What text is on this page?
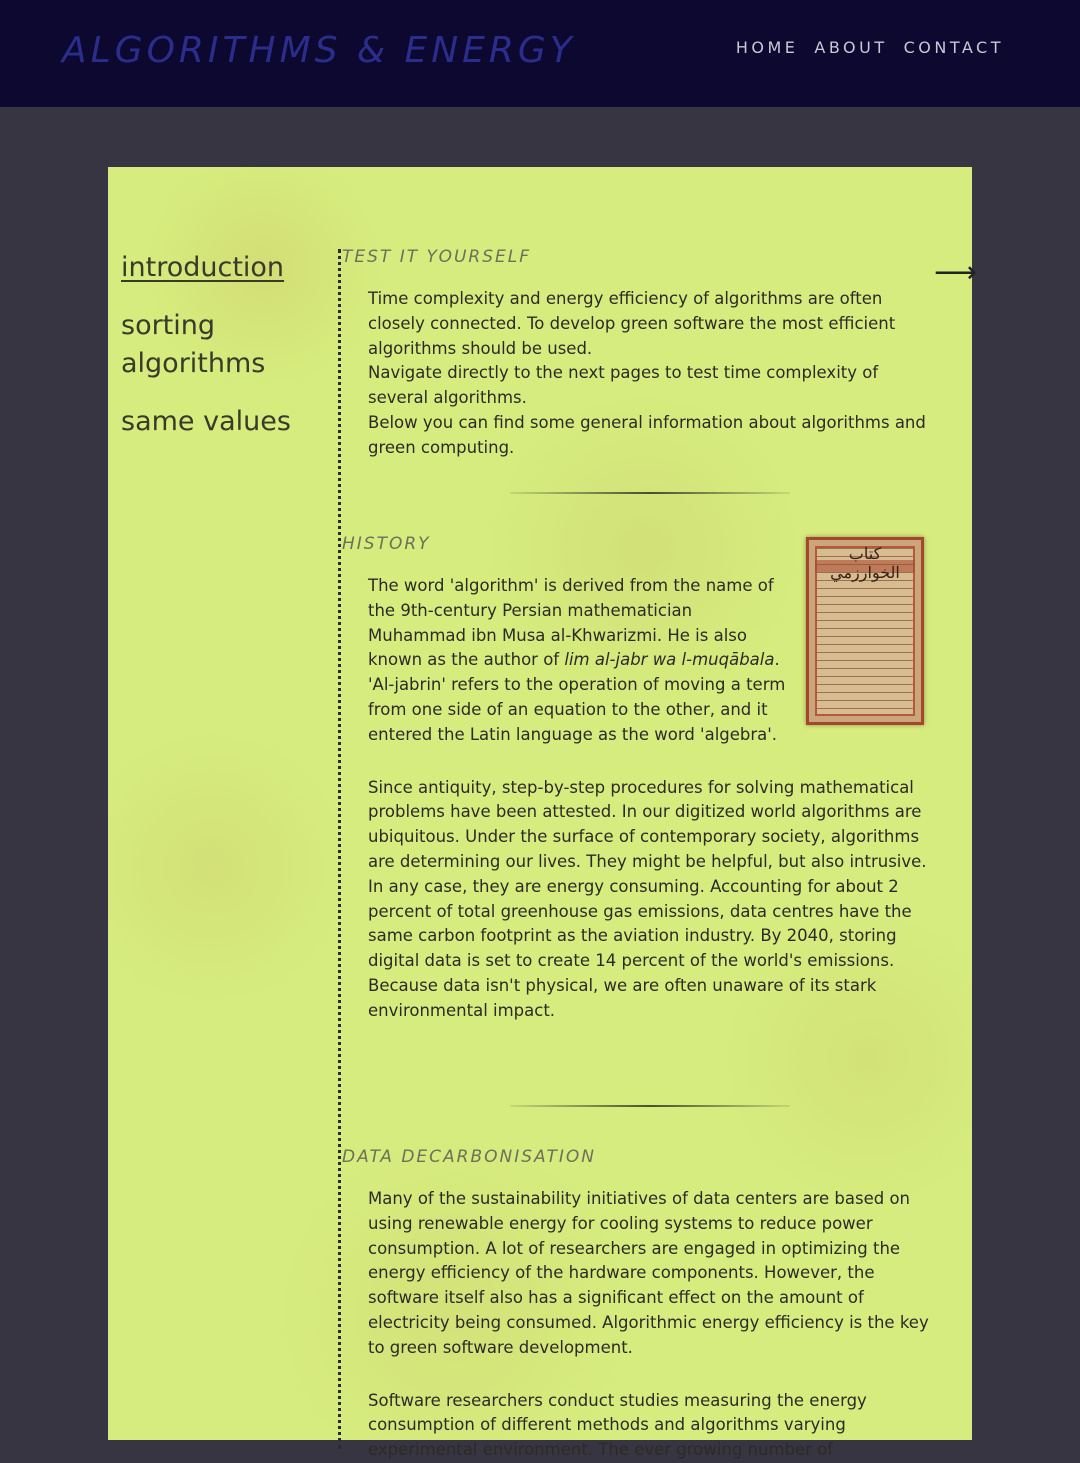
ALGORITHMS & ENERGY	HOME ABOUT CONTACT
introduction
sorting algorithms
same values
⟶
TEST IT YOURSELF

Time complexity and energy efficiency of algorithms are often closely connected. To develop green software the most efficient algorithms should be used.
Navigate directly to the next pages to test time complexity of several algorithms.
Below you can find some general information about algorithms and green computing.

HISTORY

The word 'algorithm' is derived from the name of the 9th-century Persian mathematician Muhammad ibn Musa al-Khwarizmi. He is also known as the author of lim al-jabr wa l-muqābala. 'Al-jabrin' refers to the operation of moving a term from one side of an equation to the other, and it entered the Latin language as the word 'algebra'.

Since antiquity, step-by-step procedures for solving mathematical problems have been attested. In our digitized world algorithms are ubiquitous. Under the surface of contemporary society, algorithms are determining our lives. They might be helpful, but also intrusive. In any case, they are energy consuming. Accounting for about 2 percent of total greenhouse gas emissions, data centres have the same carbon footprint as the aviation industry. By 2040, storing digital data is set to create 14 percent of the world's emissions. Because data isn't physical, we are often unaware of its stark environmental impact.

كتاب الخوارزمي
DATA DECARBONISATION

Many of the sustainability initiatives of data centers are based on using renewable energy for cooling systems to reduce power consumption. A lot of researchers are engaged in optimizing the energy efficiency of the hardware components. However, the software itself also has a significant effect on the amount of electricity being consumed. Algorithmic energy efficiency is the key to green software development.

Software researchers conduct studies measuring the energy consumption of different methods and algorithms varying experimental environment. The ever growing number of
